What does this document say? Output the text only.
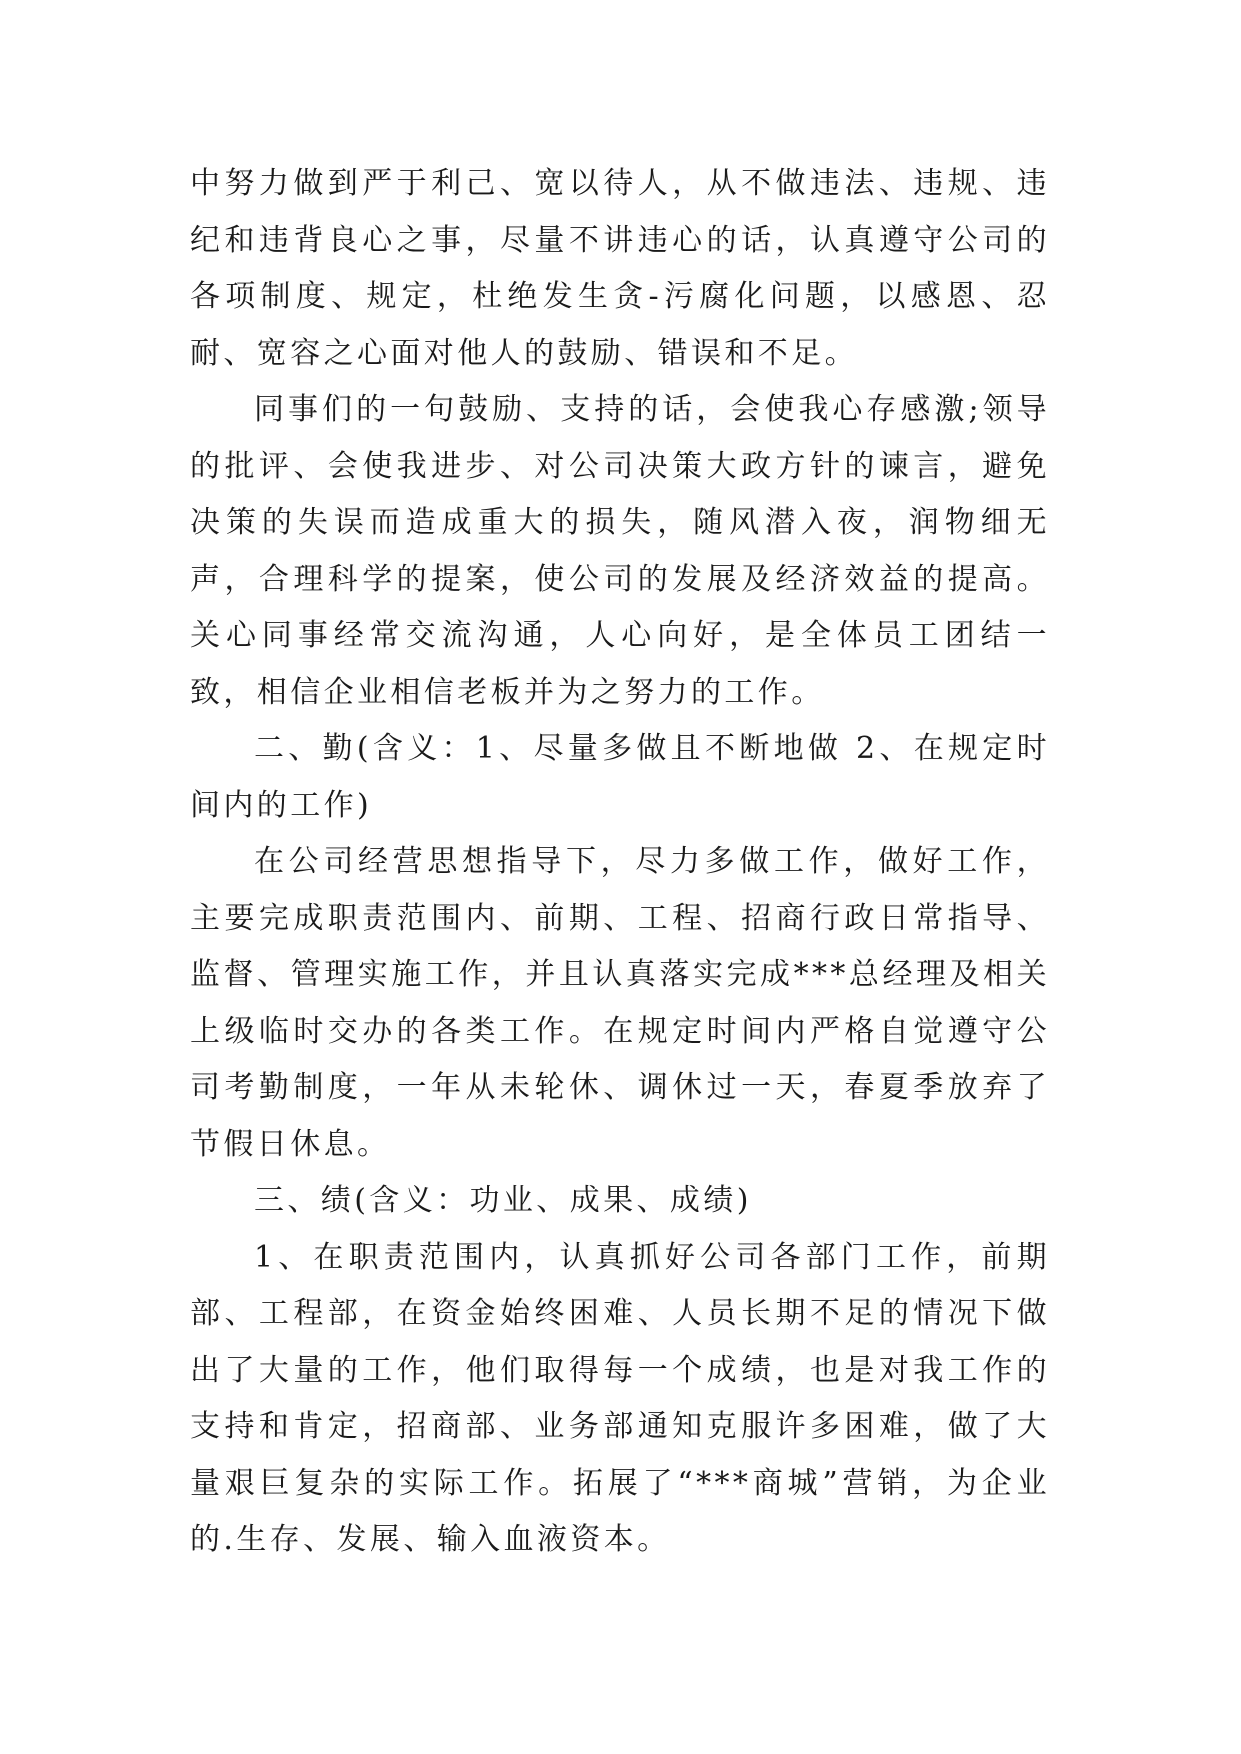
中努力做到严于利己、宽以待人，从不做违法、违规、违纪和违背良心之事，尽量不讲违心的话，认真遵守公司的各项制度、规定，杜绝发生贪-污腐化问题，以感恩、忍耐、宽容之心面对他人的鼓励、错误和不足。

同事们的一句鼓励、支持的话，会使我心存感激;领导的批评、会使我进步、对公司决策大政方针的谏言，避免决策的失误而造成重大的损失，随风潜入夜，润物细无声，合理科学的提案，使公司的发展及经济效益的提高。关心同事经常交流沟通，人心向好，是全体员工团结一致，相信企业相信老板并为之努力的工作。

二、勤(含义：1、尽量多做且不断地做 2、在规定时间内的工作)

在公司经营思想指导下，尽力多做工作，做好工作，主要完成职责范围内、前期、工程、招商行政日常指导、监督、管理实施工作，并且认真落实完成***总经理及相关上级临时交办的各类工作。在规定时间内严格自觉遵守公司考勤制度，一年从未轮休、调休过一天，春夏季放弃了节假日休息。

三、绩(含义：功业、成果、成绩)

1、在职责范围内，认真抓好公司各部门工作，前期部、工程部，在资金始终困难、人员长期不足的情况下做出了大量的工作，他们取得每一个成绩，也是对我工作的支持和肯定，招商部、业务部通知克服许多困难，做了大量艰巨复杂的实际工作。拓展了“***商城”营销，为企业的.生存、发展、输入血液资本。
